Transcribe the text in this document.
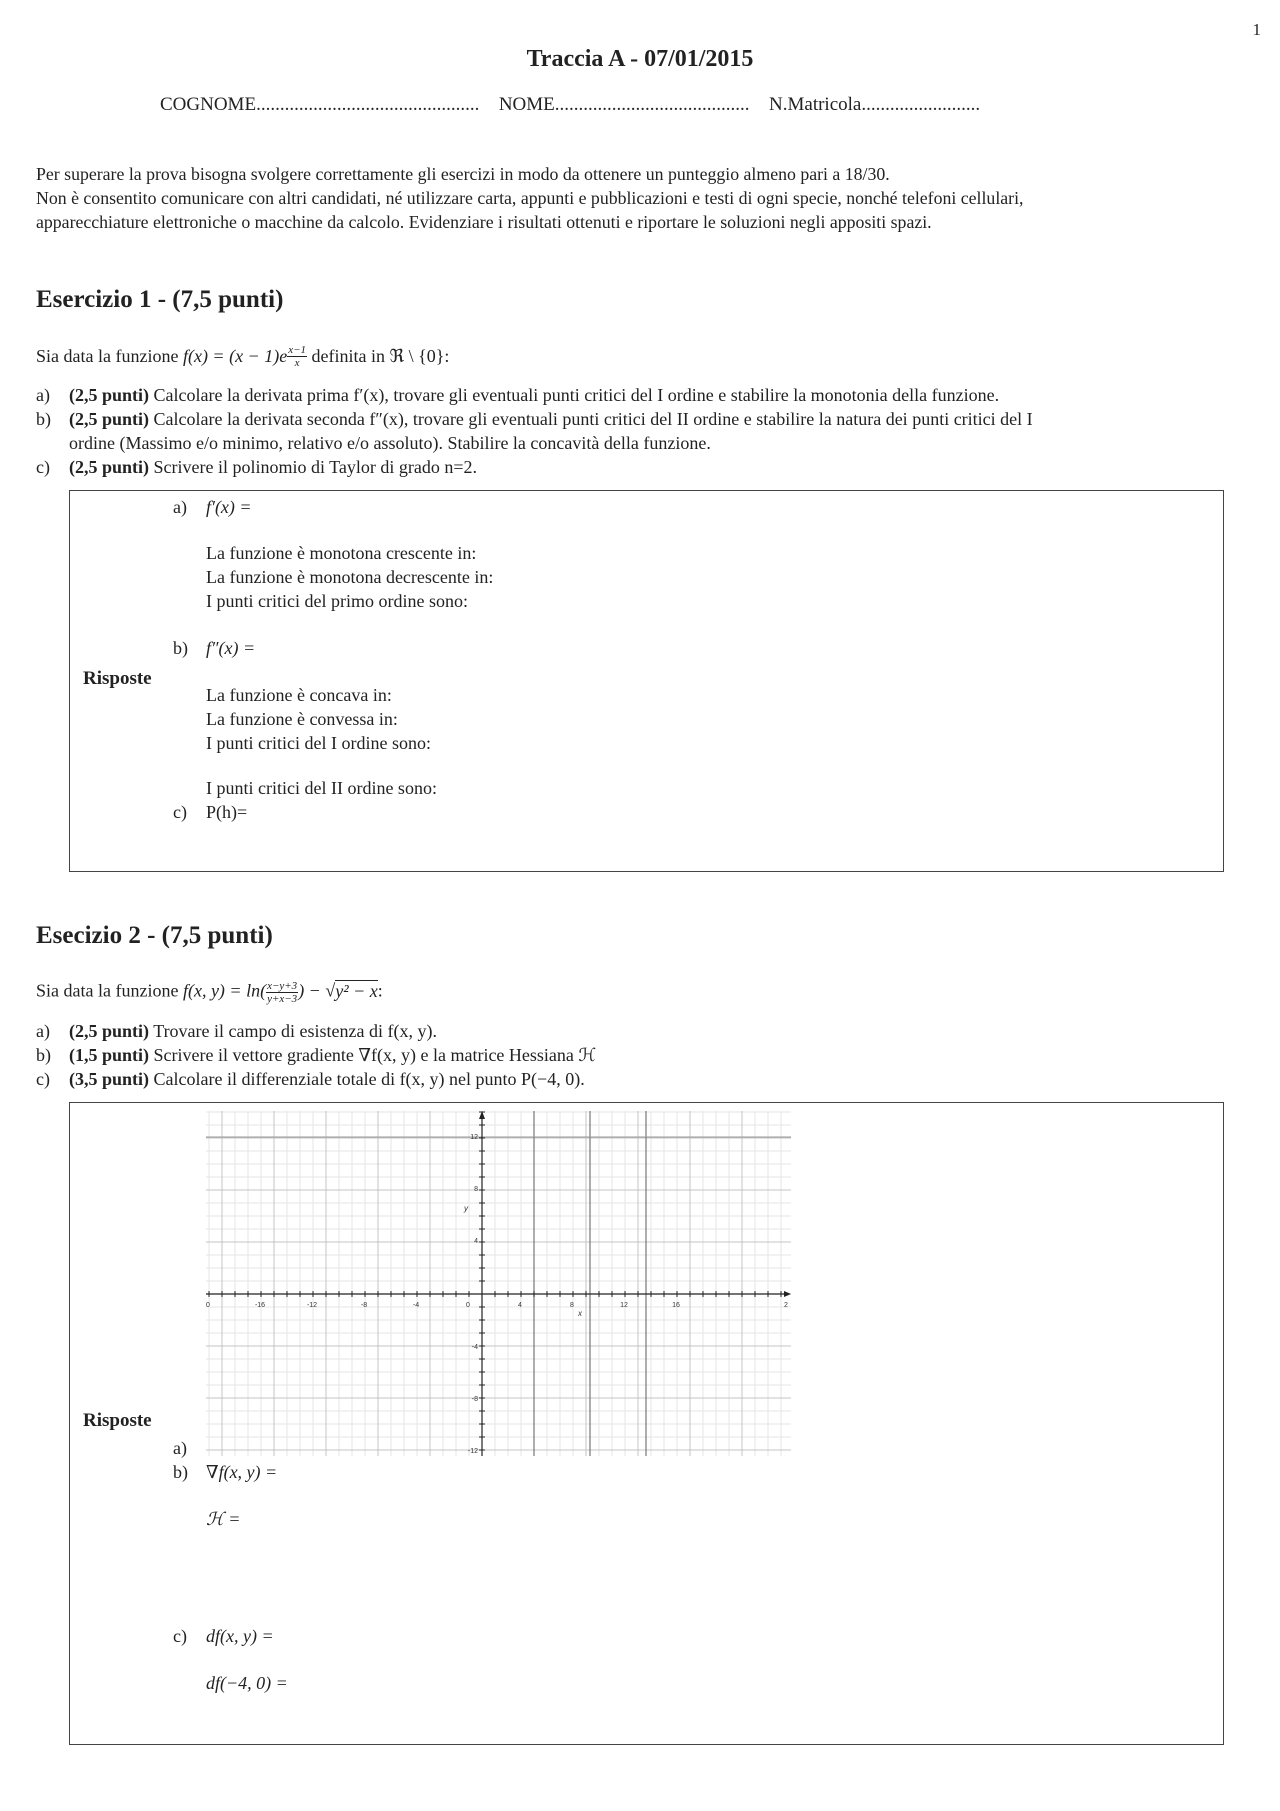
1
Traccia A - 07/01/2015
COGNOME............................................... NOME......................................... N.Matricola.........................
Per superare la prova bisogna svolgere correttamente gli esercizi in modo da ottenere un punteggio almeno pari a 18/30.
Non è consentito comunicare con altri candidati, né utilizzare carta, appunti e pubblicazioni e testi di ogni specie, nonché telefoni cellulari,
apparecchiature elettroniche o macchine da calcolo. Evidenziare i risultati ottenuti e riportare le soluzioni negli appositi spazi.
Esercizio 1 - (7,5 punti)
Sia data la funzione $f(x) = (x - 1)e \frac{x-1}{x}$ definita in ℜ \ {0}:
a) (2,5 punti) Calcolare la derivata prima f′(x), trovare gli eventuali punti critici del I ordine e stabilire la monotonia della funzione.
b) (2,5 punti) Calcolare la derivata seconda f″(x), trovare gli eventuali punti critici del II ordine e stabilire la natura dei punti critici del I
ordine (Massimo e/o minimo, relativo e/o assoluto). Stabilire la concavità della funzione.
c) (2,5 punti) Scrivere il polinomio di Taylor di grado n=2.
a) f′(x) =
La funzione è monotona crescente in:
La funzione è monotona decrescente in:
I punti critici del primo ordine sono:
b) f″(x) =
Risposte
La funzione è concava in:
La funzione è convessa in:
I punti critici del I ordine sono:
I punti critici del II ordine sono:
c) P(h)=
Esecizio 2 - (7,5 punti)
Sia data la funzione f(x, $y) = \ln( \frac{x-y+3}{y+x-3}$ ) − √y² − x:
a) (2,5 punti) Trovare il campo di esistenza di f(x, y).
b) (1,5 punti) Scrivere il vettore gradiente ∇f(x, y) e la matrice Hessiana ℋ
c) (3,5 punti) Calcolare il differenziale totale di f(x, y) nel punto P(−4, 0).
0	-16	-12	-8	-4	0	4	8	12	16	2
12
8
4
-4
-8
-12
x
y
Risposte
a)
b) ∇f(x, y) =
ℋ =
c) df(x, y) =
df(−4, 0) =
